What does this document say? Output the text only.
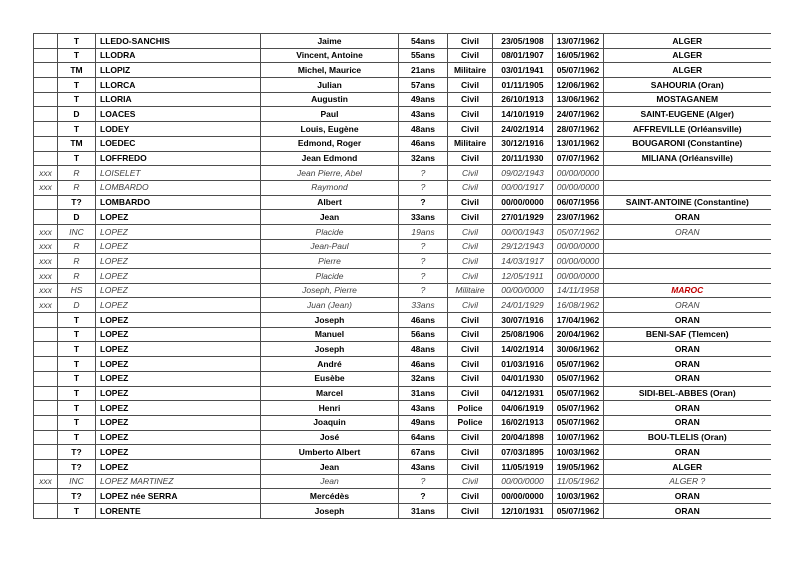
	T	LLEDO-SANCHIS	Jaime	54ans	Civil	23/05/1908	13/07/1962	ALGER
	T	LLODRA	Vincent, Antoine	55ans	Civil	08/01/1907	16/05/1962	ALGER
	TM	LLOPIZ	Michel, Maurice	21ans	Militaire	03/01/1941	05/07/1962	ALGER
	T	LLORCA	Julian	57ans	Civil	01/11/1905	12/06/1962	SAHOURIA (Oran)
	T	LLORIA	Augustin	49ans	Civil	26/10/1913	13/06/1962	MOSTAGANEM
	D	LOACES	Paul	43ans	Civil	14/10/1919	24/07/1962	SAINT-EUGENE (Alger)
	T	LODEY	Louis, Eugène	48ans	Civil	24/02/1914	28/07/1962	AFFREVILLE (Orléansville)
	TM	LOEDEC	Edmond, Roger	46ans	Militaire	30/12/1916	13/01/1962	BOUGARONI (Constantine)
	T	LOFFREDO	Jean Edmond	32ans	Civil	20/11/1930	07/07/1962	MILIANA (Orléansville)
xxx	R	LOISELET	Jean Pierre, Abel	?	Civil	09/02/1943	00/00/0000	
xxx	R	LOMBARDO	Raymond	?	Civil	00/00/1917	00/00/0000	
	T?	LOMBARDO	Albert	?	Civil	00/00/0000	06/07/1956	SAINT-ANTOINE (Constantine)
	D	LOPEZ	Jean	33ans	Civil	27/01/1929	23/07/1962	ORAN
xxx	INC	LOPEZ	Placide	19ans	Civil	00/00/1943	05/07/1962	ORAN
xxx	R	LOPEZ	Jean-Paul	?	Civil	29/12/1943	00/00/0000	
xxx	R	LOPEZ	Pierre	?	Civil	14/03/1917	00/00/0000	
xxx	R	LOPEZ	Placide	?	Civil	12/05/1911	00/00/0000	
xxx	HS	LOPEZ	Joseph, Pierre	?	Militaire	00/00/0000	14/11/1958	MAROC
xxx	D	LOPEZ	Juan (Jean)	33ans	Civil	24/01/1929	16/08/1962	ORAN
	T	LOPEZ	Joseph	46ans	Civil	30/07/1916	17/04/1962	ORAN
	T	LOPEZ	Manuel	56ans	Civil	25/08/1906	20/04/1962	BENI-SAF (Tlemcen)
	T	LOPEZ	Joseph	48ans	Civil	14/02/1914	30/06/1962	ORAN
	T	LOPEZ	André	46ans	Civil	01/03/1916	05/07/1962	ORAN
	T	LOPEZ	Eusèbe	32ans	Civil	04/01/1930	05/07/1962	ORAN
	T	LOPEZ	Marcel	31ans	Civil	04/12/1931	05/07/1962	SIDI-BEL-ABBES (Oran)
	T	LOPEZ	Henri	43ans	Police	04/06/1919	05/07/1962	ORAN
	T	LOPEZ	Joaquin	49ans	Police	16/02/1913	05/07/1962	ORAN
	T	LOPEZ	José	64ans	Civil	20/04/1898	10/07/1962	BOU-TLELIS (Oran)
	T?	LOPEZ	Umberto Albert	67ans	Civil	07/03/1895	10/03/1962	ORAN
	T?	LOPEZ	Jean	43ans	Civil	11/05/1919	19/05/1962	ALGER
xxx	INC	LOPEZ MARTINEZ	Jean	?	Civil	00/00/0000	11/05/1962	ALGER ?
	T?	LOPEZ née SERRA	Mercédès	?	Civil	00/00/0000	10/03/1962	ORAN
	T	LORENTE	Joseph	31ans	Civil	12/10/1931	05/07/1962	ORAN
